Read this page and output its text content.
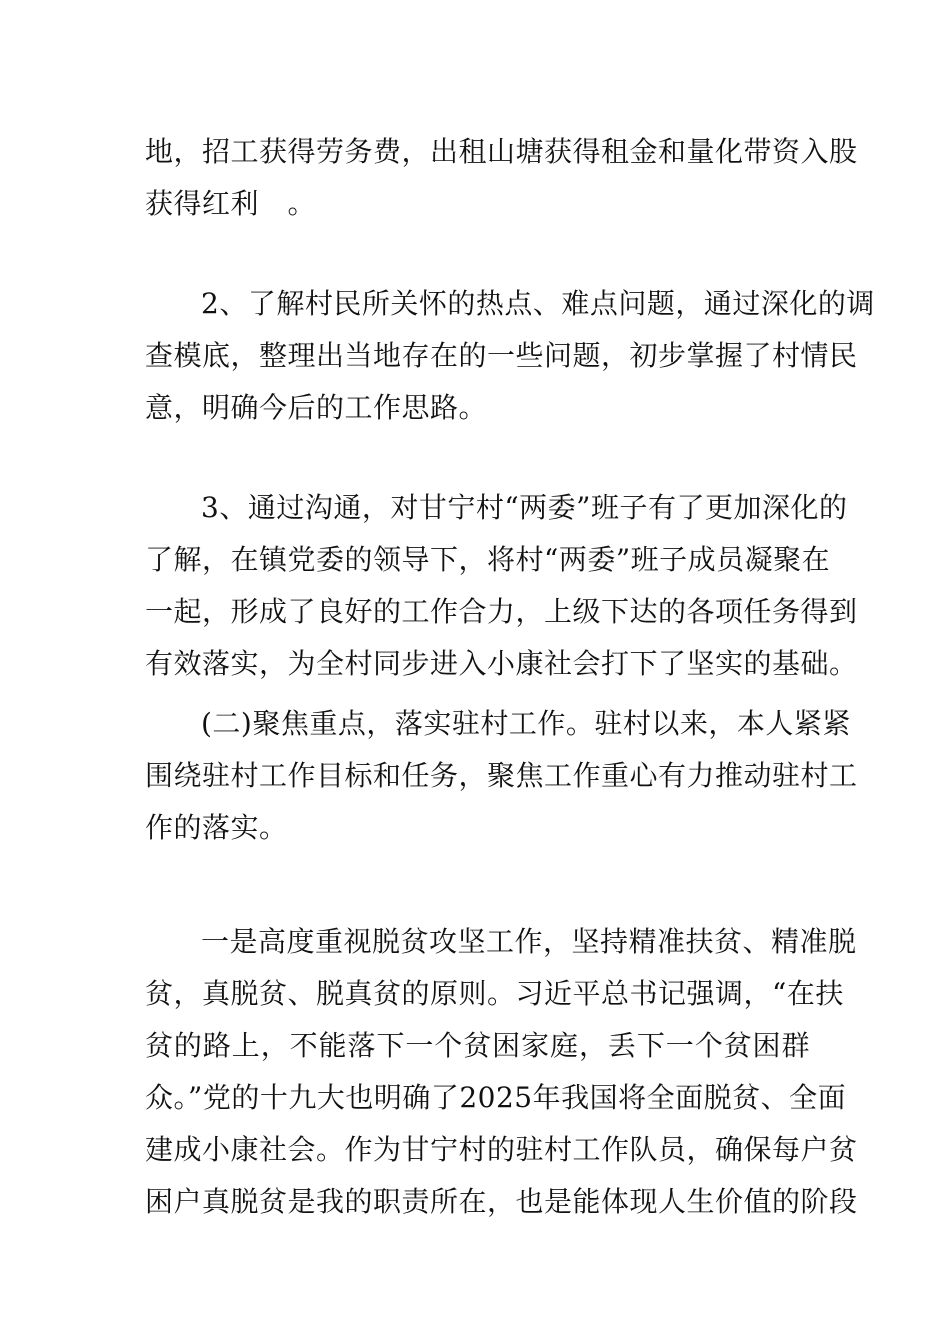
地，招工获得劳务费，出租山塘获得租金和量化带资入股
获得红利　。
2、了解村民所关怀的热点、难点问题，通过深化的调
查模底，整理出当地存在的一些问题，初步掌握了村情民
意，明确今后的工作思路。
3、通过沟通，对甘宁村“两委”班子有了更加深化的
了解，在镇党委的领导下，将村“两委”班子成员凝聚在
一起，形成了良好的工作合力，上级下达的各项任务得到
有效落实，为全村同步进入小康社会打下了坚实的基础。
(二)聚焦重点，落实驻村工作。驻村以来，本人紧紧
围绕驻村工作目标和任务，聚焦工作重心有力推动驻村工
作的落实。
一是高度重视脱贫攻坚工作，坚持精准扶贫、精准脱
贫，真脱贫、脱真贫的原则。习近平总书记强调，“在扶
贫的路上，不能落下一个贫困家庭，丢下一个贫困群
众。”党的十九大也明确了2025年我国将全面脱贫、全面
建成小康社会。作为甘宁村的驻村工作队员，确保每户贫
困户真脱贫是我的职责所在，也是能体现人生价值的阶段
